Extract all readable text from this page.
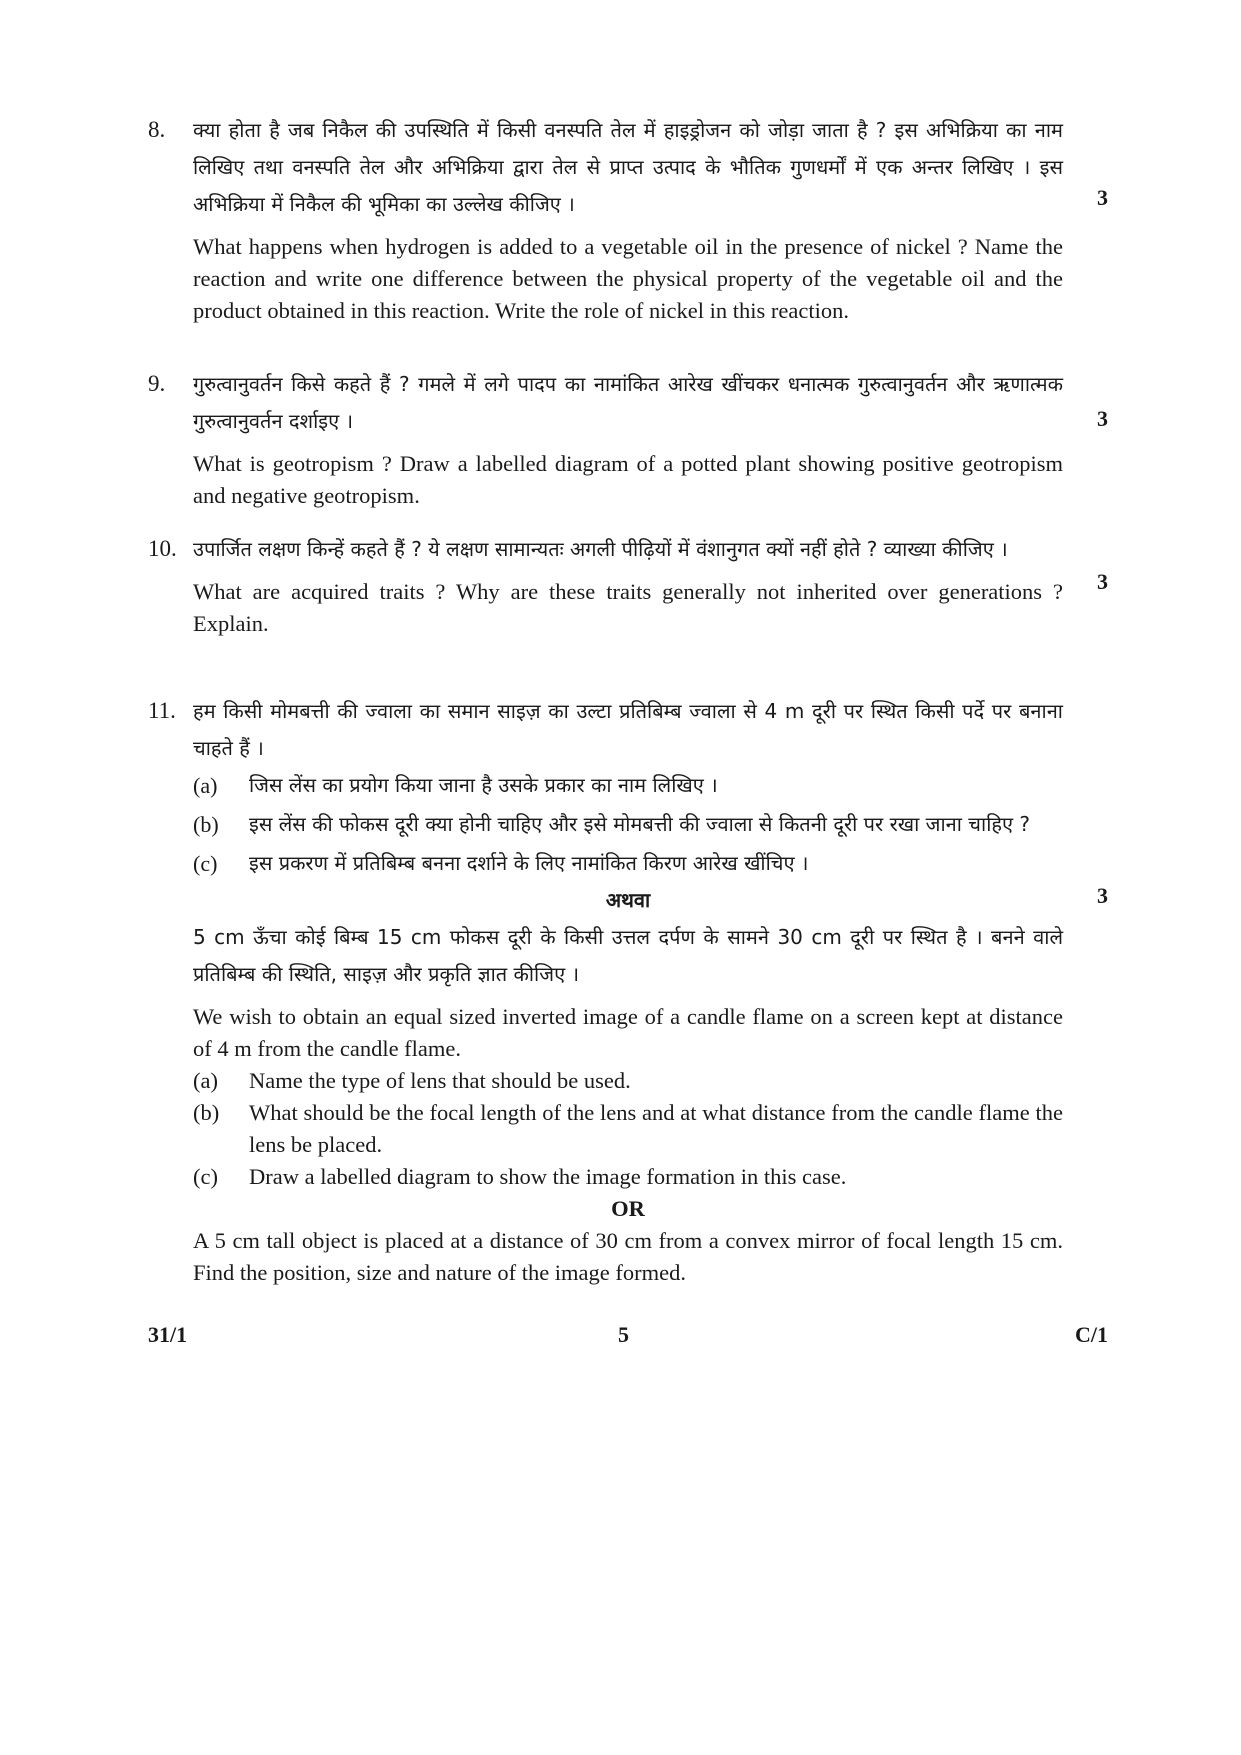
8.	क्या होता है जब निकैल की उपस्थिति में किसी वनस्पति तेल में हाइड्रोजन को जोड़ा जाता है ? इस अभिक्रिया का नाम लिखिए तथा वनस्पति तेल और अभिक्रिया द्वारा तेल से प्राप्त उत्पाद के भौतिक गुणधर्मों में एक अन्तर लिखिए । इस अभिक्रिया में निकैल की भूमिका का उल्लेख कीजिए ।

What happens when hydrogen is added to a vegetable oil in the presence of nickel ? Name the reaction and write one difference between the physical property of the vegetable oil and the product obtained in this reaction. Write the role of nickel in this reaction.

3
9.	गुरुत्वानुवर्तन किसे कहते हैं ? गमले में लगे पादप का नामांकित आरेख खींचकर धनात्मक गुरुत्वानुवर्तन और ऋणात्मक गुरुत्वानुवर्तन दर्शाइए ।

What is geotropism ? Draw a labelled diagram of a potted plant showing positive geotropism and negative geotropism.

3
10. उपार्जित लक्षण किन्हें कहते हैं ? ये लक्षण सामान्यतः अगली पीढ़ियों में वंशानुगत क्यों नहीं होते ? व्याख्या कीजिए ।

What are acquired traits ? Why are these traits generally not inherited over generations ? Explain.

3
11. हम किसी मोमबत्ती की ज्वाला का समान साइज़ का उल्टा प्रतिबिम्ब ज्वाला से 4 m दूरी पर स्थित किसी पर्दे पर बनाना चाहते हैं ।

(a)	जिस लेंस का प्रयोग किया जाना है उसके प्रकार का नाम लिखिए ।
(b)	इस लेंस की फोकस दूरी क्या होनी चाहिए और इसे मोमबत्ती की ज्वाला से कितनी दूरी पर रखा जाना चाहिए ?
(c)	इस प्रकरण में प्रतिबिम्ब बनना दर्शाने के लिए नामांकित किरण आरेख खींचिए ।

अथवा

5 cm ऊँचा कोई बिम्ब 15 cm फोकस दूरी के किसी उत्तल दर्पण के सामने 30 cm दूरी पर स्थित है । बनने वाले प्रतिबिम्ब की स्थिति, साइज़ और प्रकृति ज्ञात कीजिए ।

We wish to obtain an equal sized inverted image of a candle flame on a screen kept at distance of 4 m from the candle flame.

(a)	Name the type of lens that should be used.
(b)	What should be the focal length of the lens and at what distance from the candle flame the lens be placed.
(c)	Draw a labelled diagram to show the image formation in this case.

OR

A 5 cm tall object is placed at a distance of 30 cm from a convex mirror of focal length 15 cm. Find the position, size and nature of the image formed.

3
31/1	5	C/1
